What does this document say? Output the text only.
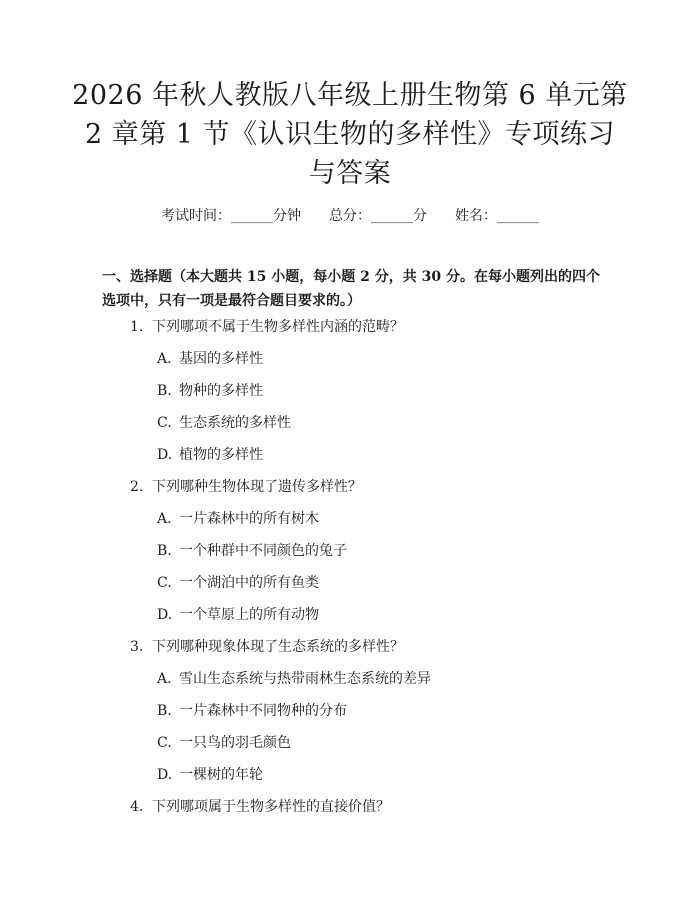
2026 年秋人教版八年级上册生物第 6 单元第
2 章第 1 节《认识生物的多样性》专项练习
与答案
考试时间：______分钟 总分：______分 姓名：______

一、选择题（本大题共 15 小题，每小题 2 分，共 30 分。在每小题列出的四个选项中，只有一项是最符合题目要求的。）

1. 下列哪项不属于生物多样性内涵的范畴？
A. 基因的多样性
B. 物种的多样性
C. 生态系统的多样性
D. 植物的多样性
2. 下列哪种生物体现了遗传多样性？
A. 一片森林中的所有树木
B. 一个种群中不同颜色的兔子
C. 一个湖泊中的所有鱼类
D. 一个草原上的所有动物
3. 下列哪种现象体现了生态系统的多样性？
A. 雪山生态系统与热带雨林生态系统的差异
B. 一片森林中不同物种的分布
C. 一只鸟的羽毛颜色
D. 一棵树的年轮
4. 下列哪项属于生物多样性的直接价值？
